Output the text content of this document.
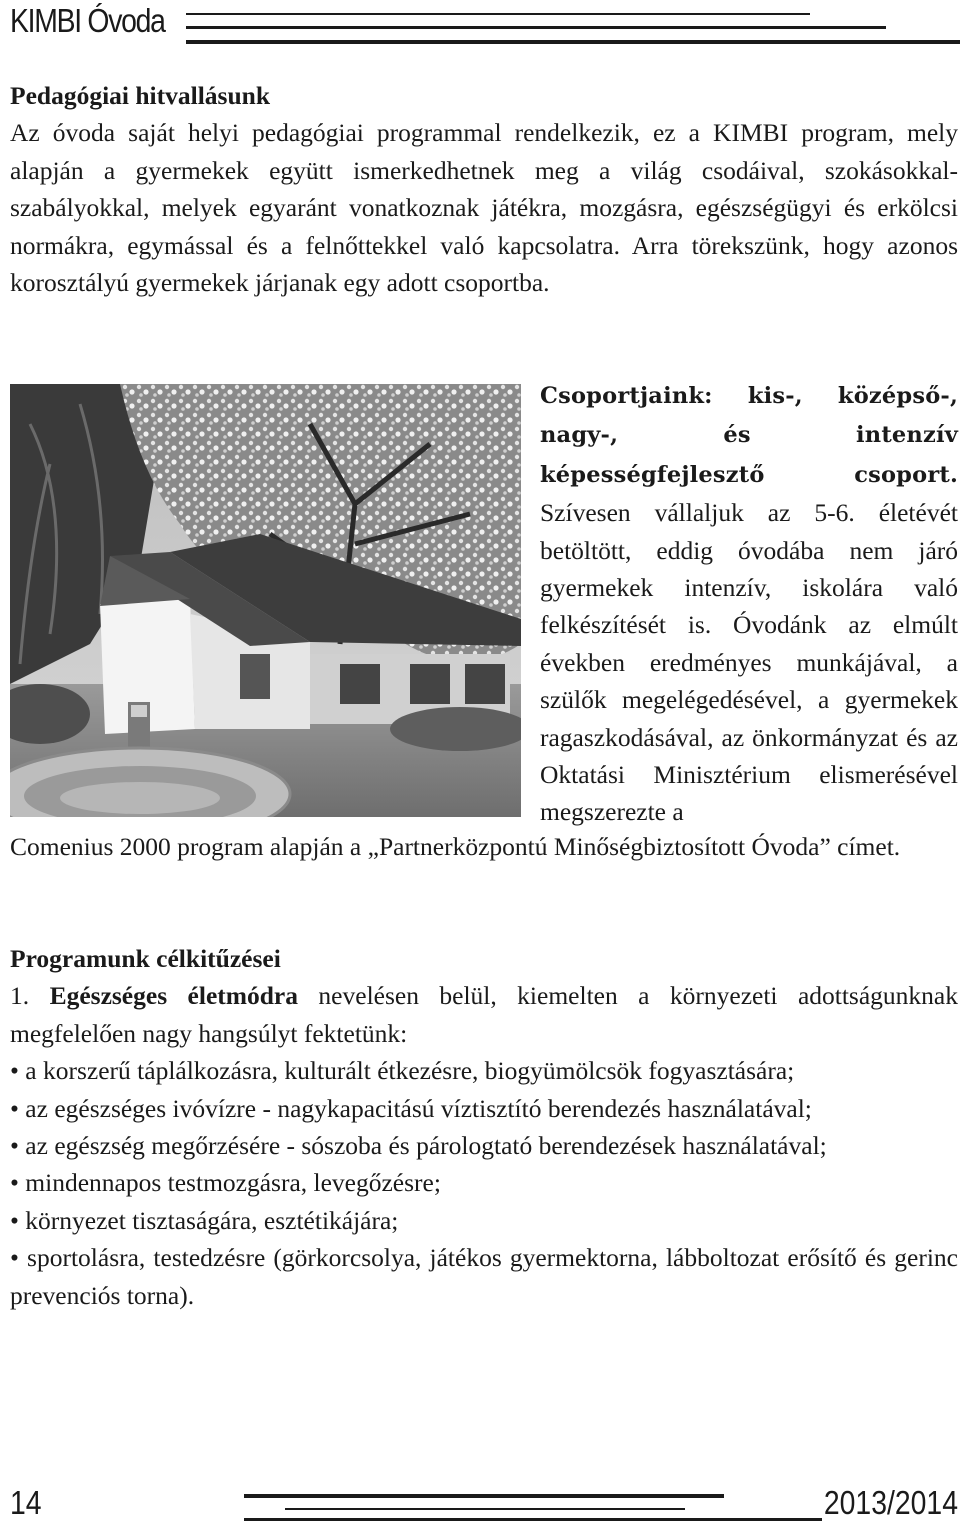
KIMBI Óvoda

Pedagógiai hitvallásunk
Az óvoda saját helyi pedagógiai programmal rendelkezik, ez a KIMBI program, mely alapján a gyermekek együtt ismerkedhetnek meg a világ csodáival, szokásokkal-szabályokkal, melyek egyaránt vonatkoznak játékra, mozgásra, egészségügyi és erkölcsi normákra, egymással és a felnőttekkel való kapcsolatra. Arra törekszünk, hogy azonos korosztályú gyermekek járjanak egy adott csoportba.

Csoportjaink: kis-, középső-, nagy-, és intenzív képességfejlesztő csoport. Szívesen vállaljuk az 5-6. életévét betöltött, eddig óvodába nem járó gyermekek intenzív, iskolára való felkészítését is. Óvodánk az elmúlt években eredményes munkájával, a szülők megelégedésével, a gyermekek ragaszkodásával, az önkormányzat és az Oktatási Minisztérium elismerésével megszerezte a

Comenius 2000 program alapján a „Partnerközpontú Minőségbiztosított Óvoda” címet.

Programunk célkitűzései
1. Egészséges életmódra nevelésen belül, kiemelten a környezeti adottságunknak megfelelően nagy hangsúlyt fektetünk:
• a korszerű táplálkozásra, kulturált étkezésre, biogyümölcsök fogyasztására;
• az egészséges ivóvízre - nagykapacitású víztisztító berendezés használatával;
• az egészség megőrzésére - sószoba és párologtató berendezések használatával;
• mindennapos testmozgásra, levegőzésre;
• környezet tisztaságára, esztétikájára;
• sportolásra, testedzésre (görkorcsolya, játékos gyermektorna, lábboltozat erősítő és gerinc prevenciós torna).
14	2013/2014
